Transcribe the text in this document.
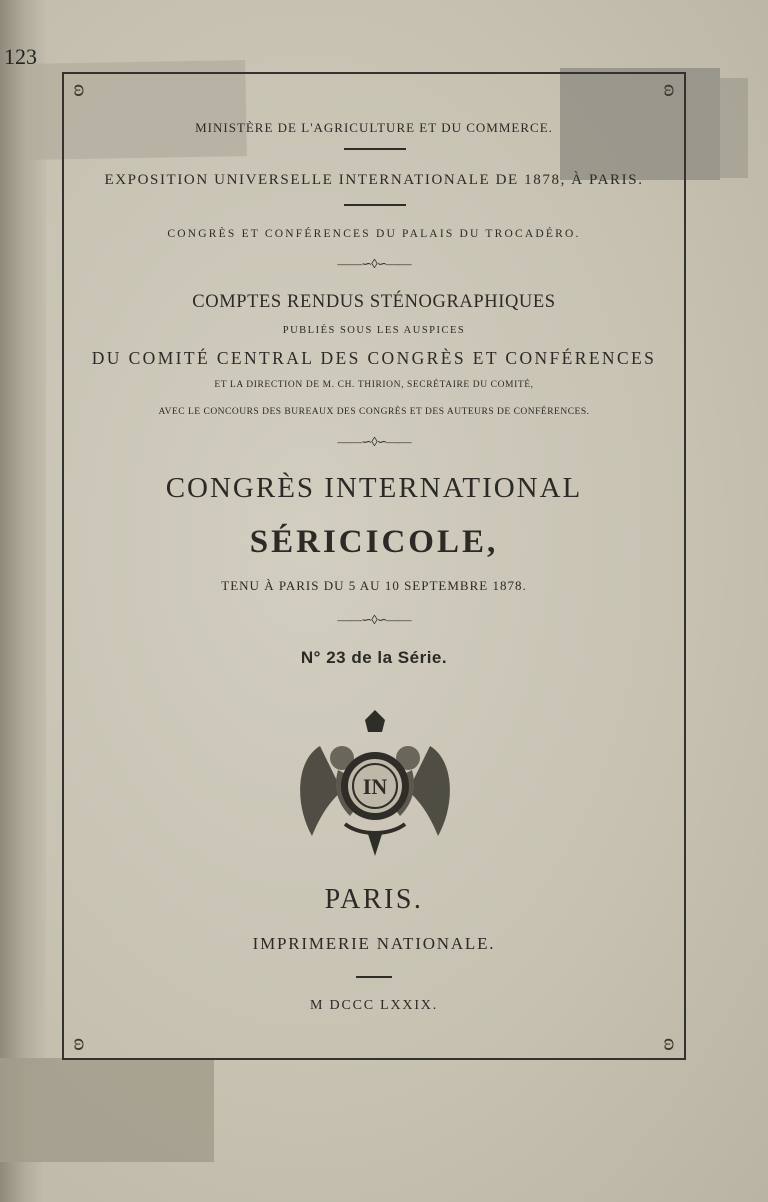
123
ʚ	ʚ
ʚ	ʚ
MINISTÈRE DE L'AGRICULTURE ET DU COMMERCE.
EXPOSITION UNIVERSELLE INTERNATIONALE DE 1878, À PARIS.
CONGRÈS ET CONFÉRENCES DU PALAIS DU TROCADÉRO.
——∽◊∽——
COMPTES RENDUS STÉNOGRAPHIQUES
PUBLIÉS SOUS LES AUSPICES
DU COMITÉ CENTRAL DES CONGRÈS ET CONFÉRENCES
ET LA DIRECTION DE M. CH. THIRION, SECRÉTAIRE DU COMITÉ,
AVEC LE CONCOURS DES BUREAUX DES CONGRÈS ET DES AUTEURS DE CONFÉRENCES.
——∽◊∽——
CONGRÈS INTERNATIONAL
SÉRICICOLE,
TENU À PARIS DU 5 AU 10 SEPTEMBRE 1878.
——∽◊∽——
N° 23 de la Série.
IN
PARIS.
IMPRIMERIE NATIONALE.
M DCCC LXXIX.
